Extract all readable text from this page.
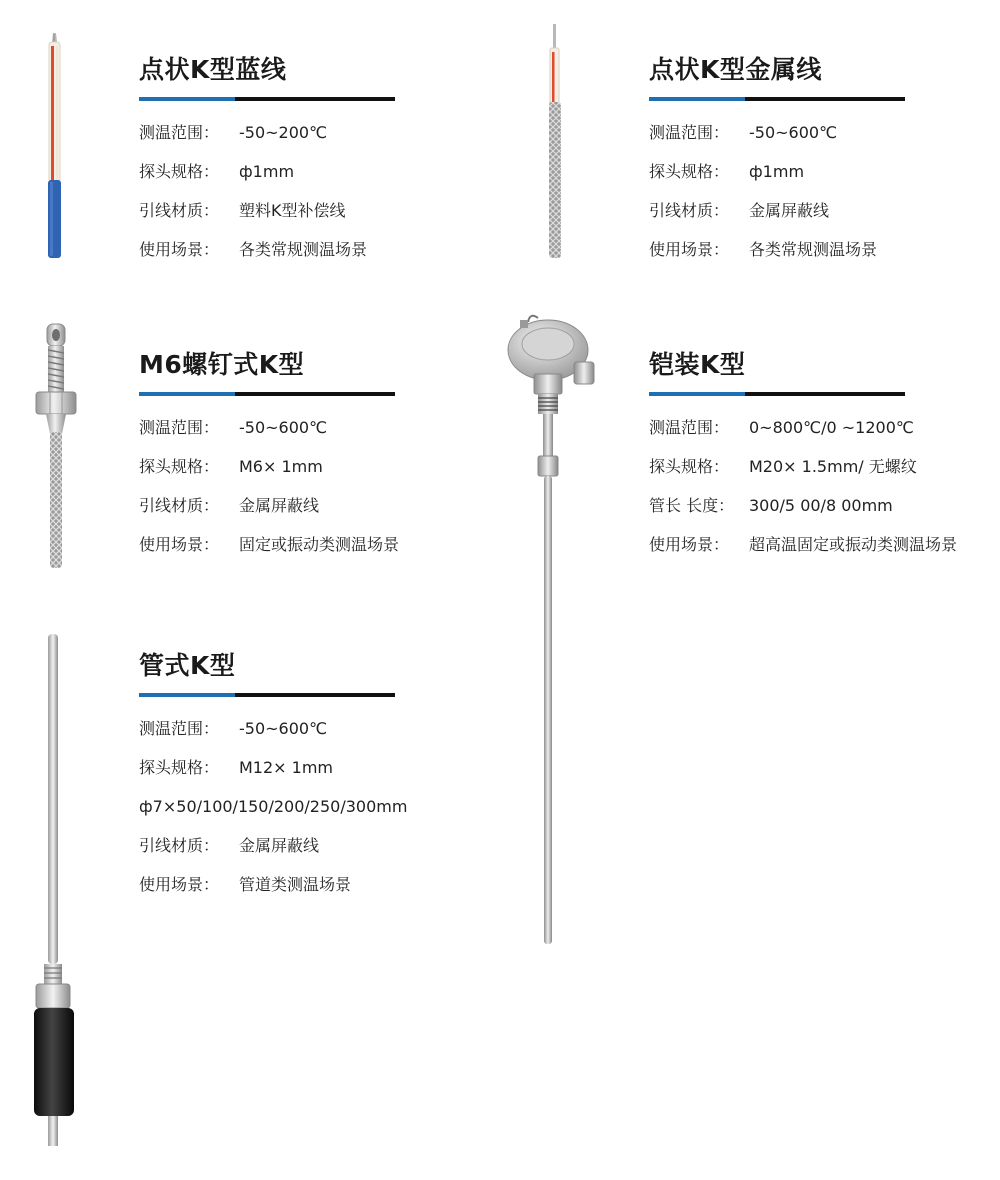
点状K型蓝线
测温范围： -50~200℃
探头规格： ф1mm
引线材质： 塑料K型补偿线
使用场景： 各类常规测温场景
点状K型金属线
测温范围： -50~600℃
探头规格： ф1mm
引线材质： 金属屏蔽线
使用场景： 各类常规测温场景
M6螺钉式K型
测温范围： -50~600℃
探头规格： M6× 1mm
引线材质： 金属屏蔽线
使用场景： 固定或振动类测温场景
铠装K型
测温范围： 0~800℃/0 ~1200℃
探头规格： M20× 1.5mm/ 无螺纹
管长 长度： 300/5 00/8 00mm
使用场景： 超高温固定或振动类测温场景
管式K型
测温范围： -50~600℃
探头规格： M12× 1mm
ф7×50/100/150/200/250/300mm
引线材质： 金属屏蔽线
使用场景： 管道类测温场景
